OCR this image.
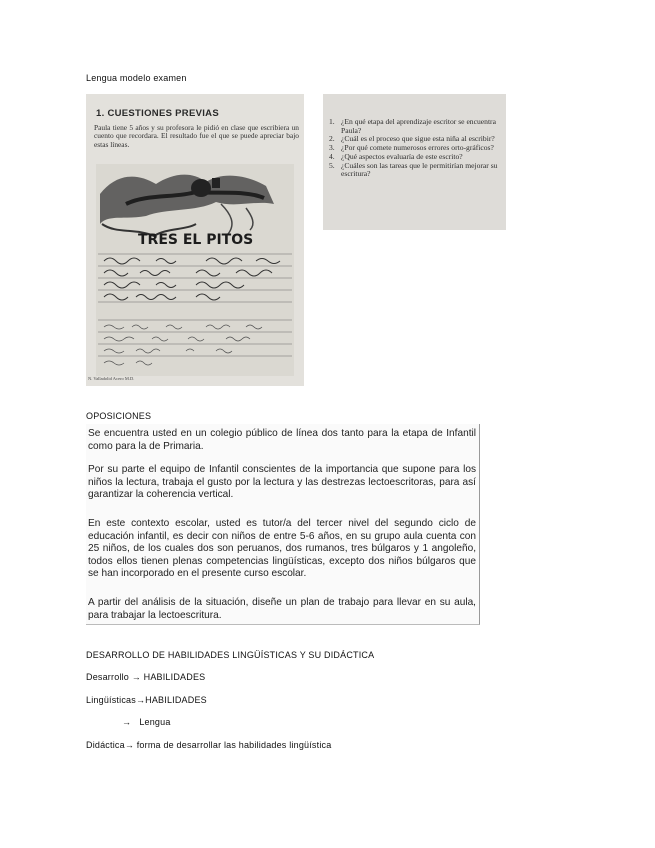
Lengua modelo examen
1. CUESTIONES PREVIAS
Paula tiene 5 años y su profesora le pidió en clase que escribiera un cuento que recordara. El resultado fue el que se puede apreciar bajo estas líneas.
TRES EL PITOS
N. Valladolid Acero M.D.
1. ¿En qué etapa del aprendizaje escritor se encuentra Paula?
2. ¿Cuál es el proceso que sigue esta niña al escribir?
3. ¿Por qué comete numerosos errores orto-gráficos?
4. ¿Qué aspectos evaluaría de este escrito?
5. ¿Cuáles son las tareas que le permitirían mejorar su escritura?
OPOSICIONES

Se encuentra usted en un colegio público de línea dos tanto para la etapa de Infantil como para la de Primaria.

Por su parte el equipo de Infantil conscientes de la importancia que supone para los niños la lectura, trabaja el gusto por la lectura y las destrezas lectoescritoras, para así garantizar la coherencia vertical.

En este contexto escolar, usted es tutor/a del tercer nivel del segundo ciclo de educación infantil, es decir con niños de entre 5-6 años, en su grupo aula cuenta con 25 niños, de los cuales dos son peruanos, dos rumanos, tres búlgaros y 1 angoleño, todos ellos tienen plenas competencias lingüísticas, excepto dos niños búlgaros que se han incorporado en el presente curso escolar.

A partir del análisis de la situación, diseñe un plan de trabajo para llevar en su aula, para trabajar la lectoescritura.

DESARROLLO DE HABILIDADES LINGÜÍSTICAS Y SU DIDÁCTICA
Desarrollo → HABILIDADES
Lingüísticas→HABILIDADES
→ Lengua
Didáctica→ forma de desarrollar las habilidades lingüística
